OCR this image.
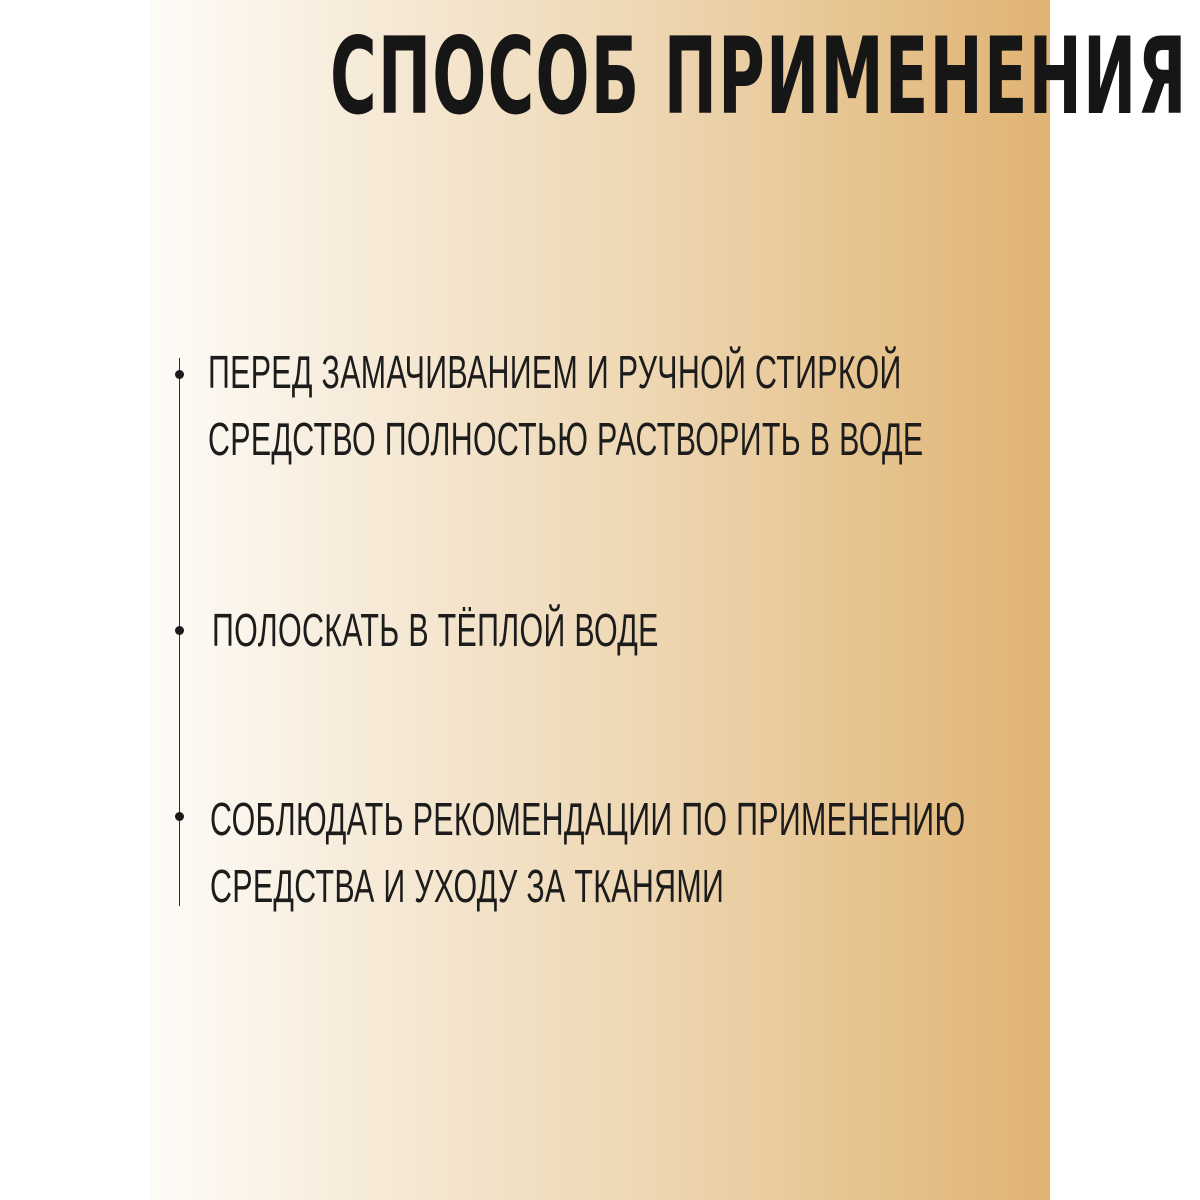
СПОСОБ ПРИМЕНЕНИЯ
ПЕРЕД ЗАМАЧИВАНИЕМ И РУЧНОЙ СТИРКОЙ
СРЕДСТВО ПОЛНОСТЬЮ РАСТВОРИТЬ В ВОДЕ
ПОЛОСКАТЬ В ТЁПЛОЙ ВОДЕ
СОБЛЮДАТЬ РЕКОМЕНДАЦИИ ПО ПРИМЕНЕНИЮ
СРЕДСТВА И УХОДУ ЗА ТКАНЯМИ
